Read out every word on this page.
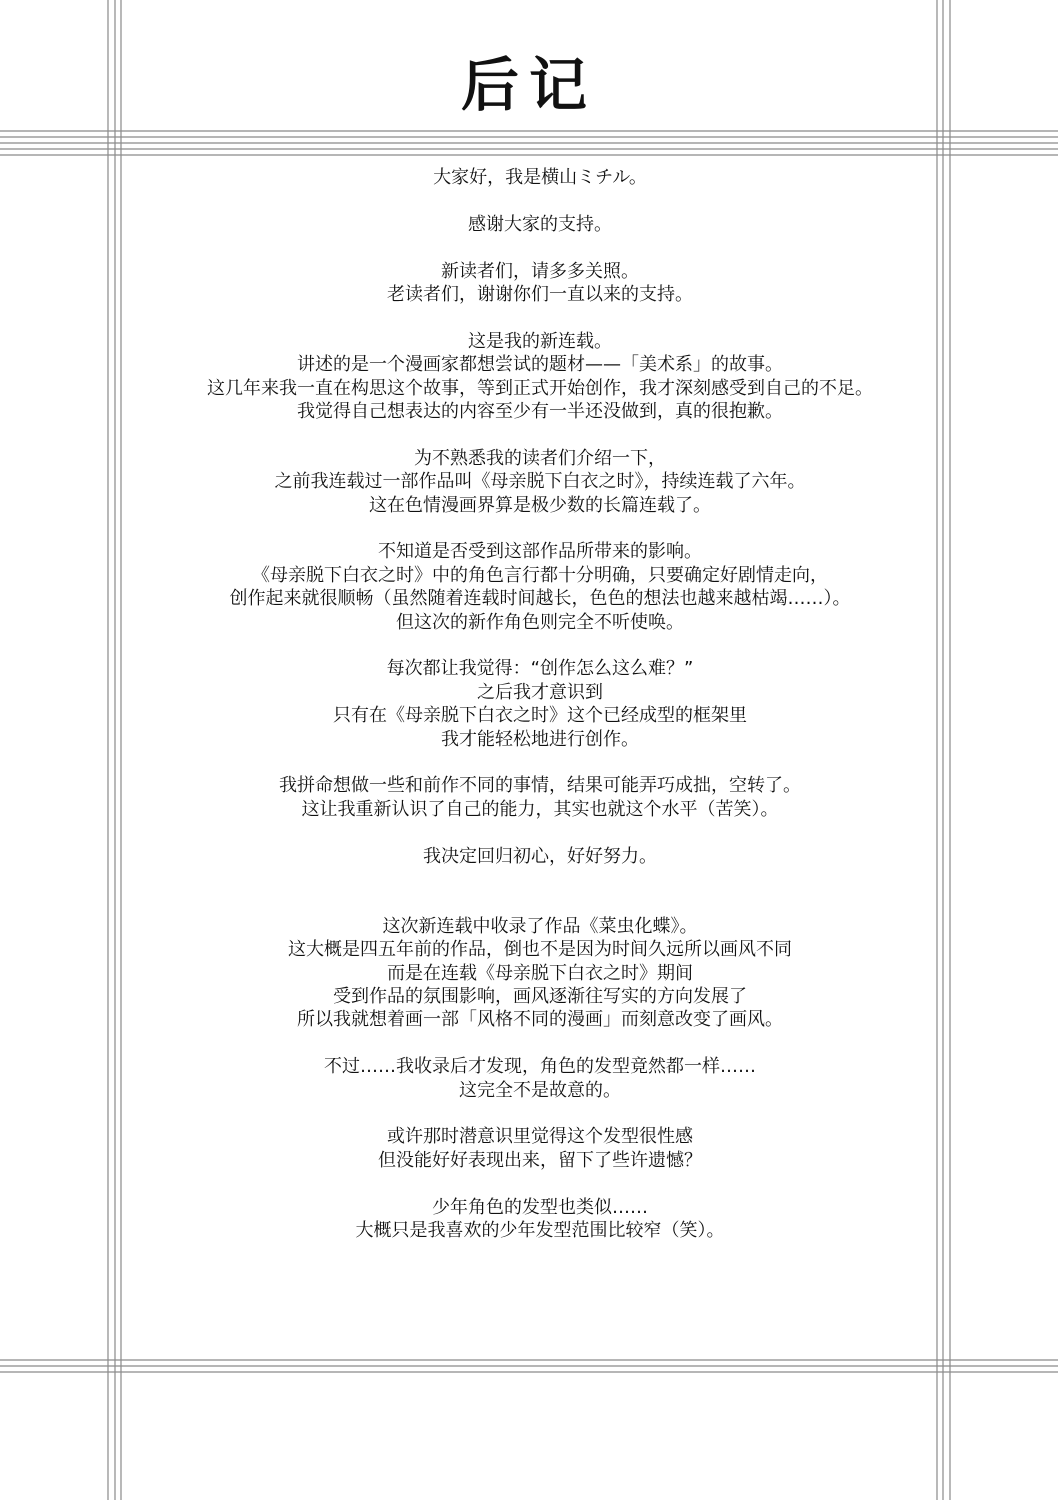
后记

大家好，我是横山ミチル。

感谢大家的支持。

新读者们，请多多关照。
老读者们，谢谢你们一直以来的支持。

这是我的新连载。
讲述的是一个漫画家都想尝试的题材——「美术系」的故事。
这几年来我一直在构思这个故事，等到正式开始创作，我才深刻感受到自己的不足。
我觉得自己想表达的内容至少有一半还没做到，真的很抱歉。

为不熟悉我的读者们介绍一下，
之前我连载过一部作品叫《母亲脱下白衣之时》，持续连载了六年。
这在色情漫画界算是极少数的长篇连载了。

不知道是否受到这部作品所带来的影响。
《母亲脱下白衣之时》中的角色言行都十分明确，只要确定好剧情走向，
创作起来就很顺畅（虽然随着连载时间越长，色色的想法也越来越枯竭……）。
但这次的新作角色则完全不听使唤。

每次都让我觉得：“创作怎么这么难？”
之后我才意识到
只有在《母亲脱下白衣之时》这个已经成型的框架里
我才能轻松地进行创作。

我拼命想做一些和前作不同的事情，结果可能弄巧成拙，空转了。
这让我重新认识了自己的能力，其实也就这个水平（苦笑）。

我决定回归初心，好好努力。

这次新连载中收录了作品《菜虫化蝶》。
这大概是四五年前的作品，倒也不是因为时间久远所以画风不同
而是在连载《母亲脱下白衣之时》期间
受到作品的氛围影响，画风逐渐往写实的方向发展了
所以我就想着画一部「风格不同的漫画」而刻意改变了画风。

不过……我收录后才发现，角色的发型竟然都一样……
这完全不是故意的。

或许那时潜意识里觉得这个发型很性感
但没能好好表现出来，留下了些许遗憾？

少年角色的发型也类似……
大概只是我喜欢的少年发型范围比较窄（笑）。
